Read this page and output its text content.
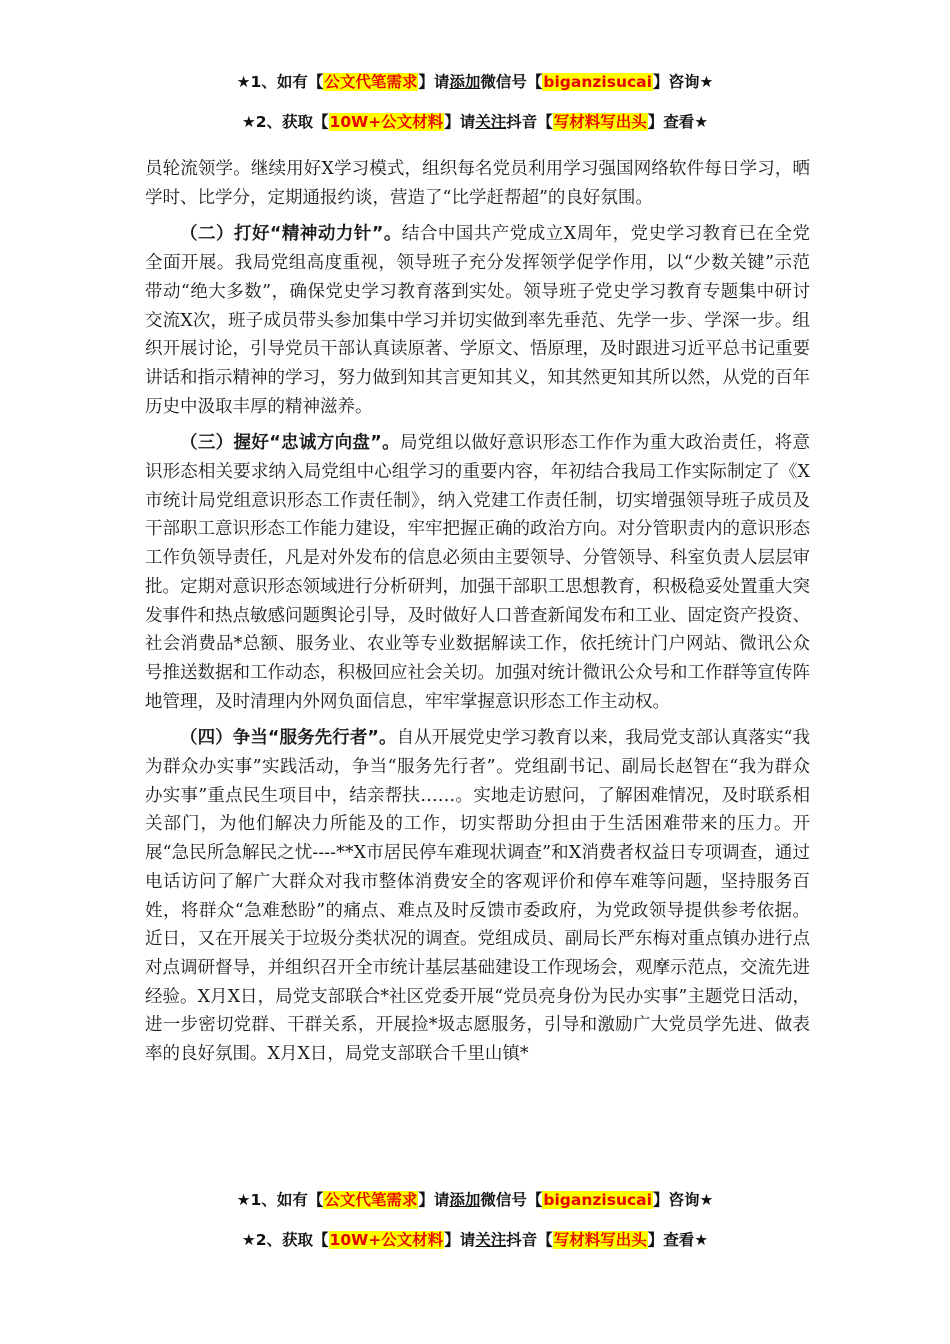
★1、如有【公文代笔需求】请添加微信号【biganzisucai】咨询★
★2、获取【10W+公文材料】请关注抖音【写材料写出头】查看★

员轮流领学。继续用好X学习模式，组织每名党员利用学习强国网络软件每日学习，晒学时、比学分，定期通报约谈，营造了“比学赶帮超”的良好氛围。

（二）打好“精神动力针”。结合中国共产党成立X周年，党史学习教育已在全党全面开展。我局党组高度重视，领导班子充分发挥领学促学作用，以“少数关键”示范带动“绝大多数”，确保党史学习教育落到实处。领导班子党史学习教育专题集中研讨交流X次，班子成员带头参加集中学习并切实做到率先垂范、先学一步、学深一步。组织开展讨论，引导党员干部认真读原著、学原文、悟原理，及时跟进习近平总书记重要讲话和指示精神的学习，努力做到知其言更知其义，知其然更知其所以然，从党的百年历史中汲取丰厚的精神滋养。

（三）握好“忠诚方向盘”。局党组以做好意识形态工作作为重大政治责任，将意识形态相关要求纳入局党组中心组学习的重要内容，年初结合我局工作实际制定了《X市统计局党组意识形态工作责任制》，纳入党建工作责任制，切实增强领导班子成员及干部职工意识形态工作能力建设，牢牢把握正确的政治方向。对分管职责内的意识形态工作负领导责任，凡是对外发布的信息必须由主要领导、分管领导、科室负责人层层审批。定期对意识形态领域进行分析研判，加强干部职工思想教育，积极稳妥处置重大突发事件和热点敏感问题舆论引导，及时做好人口普查新闻发布和工业、固定资产投资、社会消费品*总额、服务业、农业等专业数据解读工作，依托统计门户网站、微讯公众号推送数据和工作动态，积极回应社会关切。加强对统计微讯公众号和工作群等宣传阵地管理，及时清理内外网负面信息，牢牢掌握意识形态工作主动权。

（四）争当“服务先行者”。自从开展党史学习教育以来，我局党支部认真落实“我为群众办实事”实践活动，争当“服务先行者”。党组副书记、副局长赵智在“我为群众办实事”重点民生项目中，结亲帮扶……。实地走访慰问，了解困难情况，及时联系相关部门，为他们解决力所能及的工作，切实帮助分担由于生活困难带来的压力。开展“急民所急解民之忧----**X市居民停车难现状调查”和X消费者权益日专项调查，通过电话访问了解广大群众对我市整体消费安全的客观评价和停车难等问题，坚持服务百姓，将群众“急难愁盼”的痛点、难点及时反馈市委政府，为党政领导提供参考依据。近日，又在开展关于垃圾分类状况的调查。党组成员、副局长严东梅对重点镇办进行点对点调研督导，并组织召开全市统计基层基础建设工作现场会，观摩示范点，交流先进经验。X月X日，局党支部联合*社区党委开展“党员亮身份为民办实事”主题党日活动，进一步密切党群、干群关系，开展捡*圾志愿服务，引导和激励广大党员学先进、做表率的良好氛围。X月X日，局党支部联合千里山镇*

★1、如有【公文代笔需求】请添加微信号【biganzisucai】咨询★
★2、获取【10W+公文材料】请关注抖音【写材料写出头】查看★
